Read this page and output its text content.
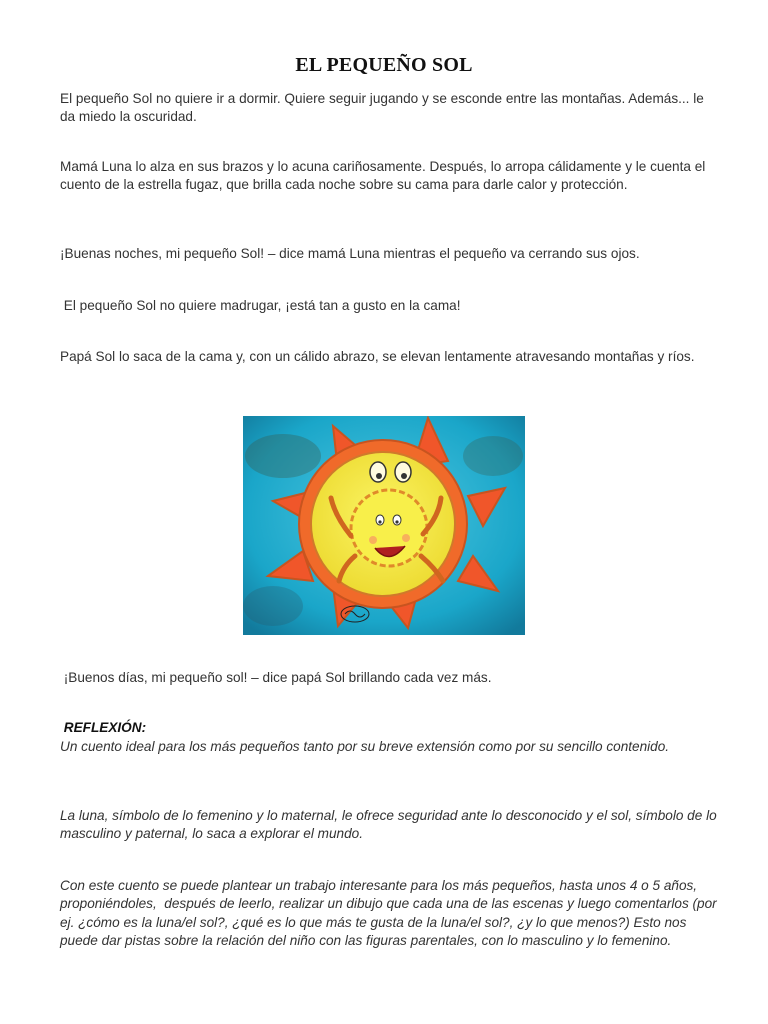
EL PEQUEÑO SOL

El pequeño Sol no quiere ir a dormir. Quiere seguir jugando y se esconde entre las montañas. Además... le da miedo la oscuridad.

Mamá Luna lo alza en sus brazos y lo acuna cariñosamente. Después, lo arropa cálidamente y le cuenta el cuento de la estrella fugaz, que brilla cada noche sobre su cama para darle calor y protección.

¡Buenas noches, mi pequeño Sol! – dice mamá Luna mientras el pequeño va cerrando sus ojos.

El pequeño Sol no quiere madrugar, ¡está tan a gusto en la cama!

Papá Sol lo saca de la cama y, con un cálido abrazo, se elevan lentamente atravesando montañas y ríos.

¡Buenos días, mi pequeño sol! – dice papá Sol brillando cada vez más.

REFLEXIÓN:

Un cuento ideal para los más pequeños tanto por su breve extensión como por su sencillo contenido.

La luna, símbolo de lo femenino y lo maternal, le ofrece seguridad ante lo desconocido y el sol, símbolo de lo masculino y paternal, lo saca a explorar el mundo.

Con este cuento se puede plantear un trabajo interesante para los más pequeños, hasta unos 4 o 5 años, proponiéndoles,  después de leerlo, realizar un dibujo que cada una de las escenas y luego comentarlos (por ej. ¿cómo es la luna/el sol?, ¿qué es lo que más te gusta de la luna/el sol?, ¿y lo que menos?) Esto nos puede dar pistas sobre la relación del niño con las figuras parentales, con lo masculino y lo femenino.
